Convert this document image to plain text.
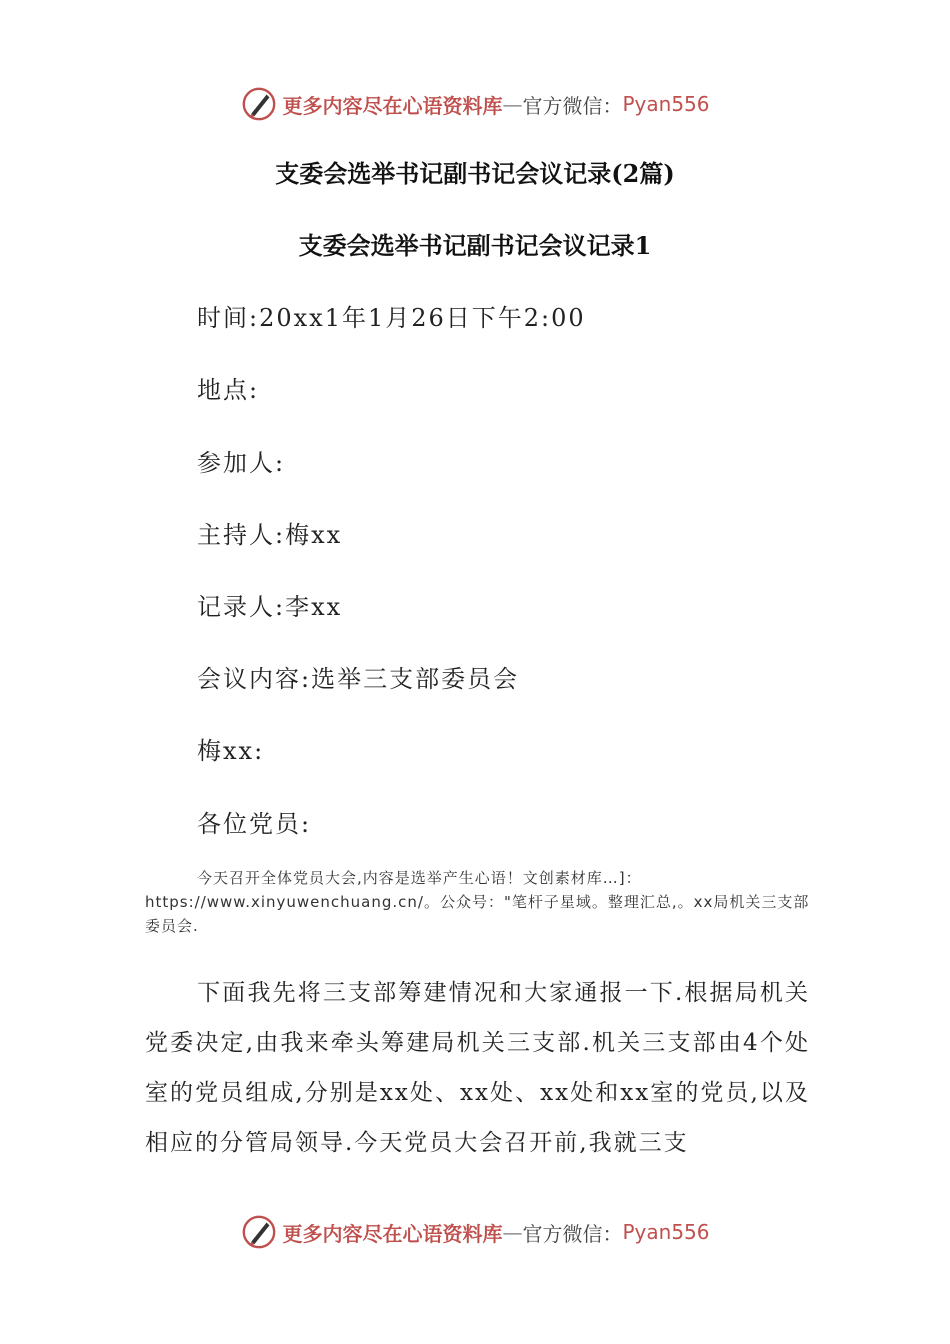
更多内容尽在心语资料库 — 官方微信： Pyan556
支委会选举书记副书记会议记录(2篇)
支委会选举书记副书记会议记录1
时间:20xx1年1月26日下午2:00
地点:
参加人:
主持人:梅xx
记录人:李xx
会议内容:选举三支部委员会
梅xx:
各位党员:

今天召开全体党员大会,内容是选举产生心语！文创素材库…]：https://www.xinyuwenchuang.cn/。公众号："笔杆子星域。整理汇总,。xx局机关三支部委员会.

下面我先将三支部筹建情况和大家通报一下.根据局机关党委决定,由我来牵头筹建局机关三支部.机关三支部由4个处室的党员组成,分别是xx处、xx处、xx处和xx室的党员,以及相应的分管局领导.今天党员大会召开前,我就三支

更多内容尽在心语资料库 — 官方微信： Pyan556
